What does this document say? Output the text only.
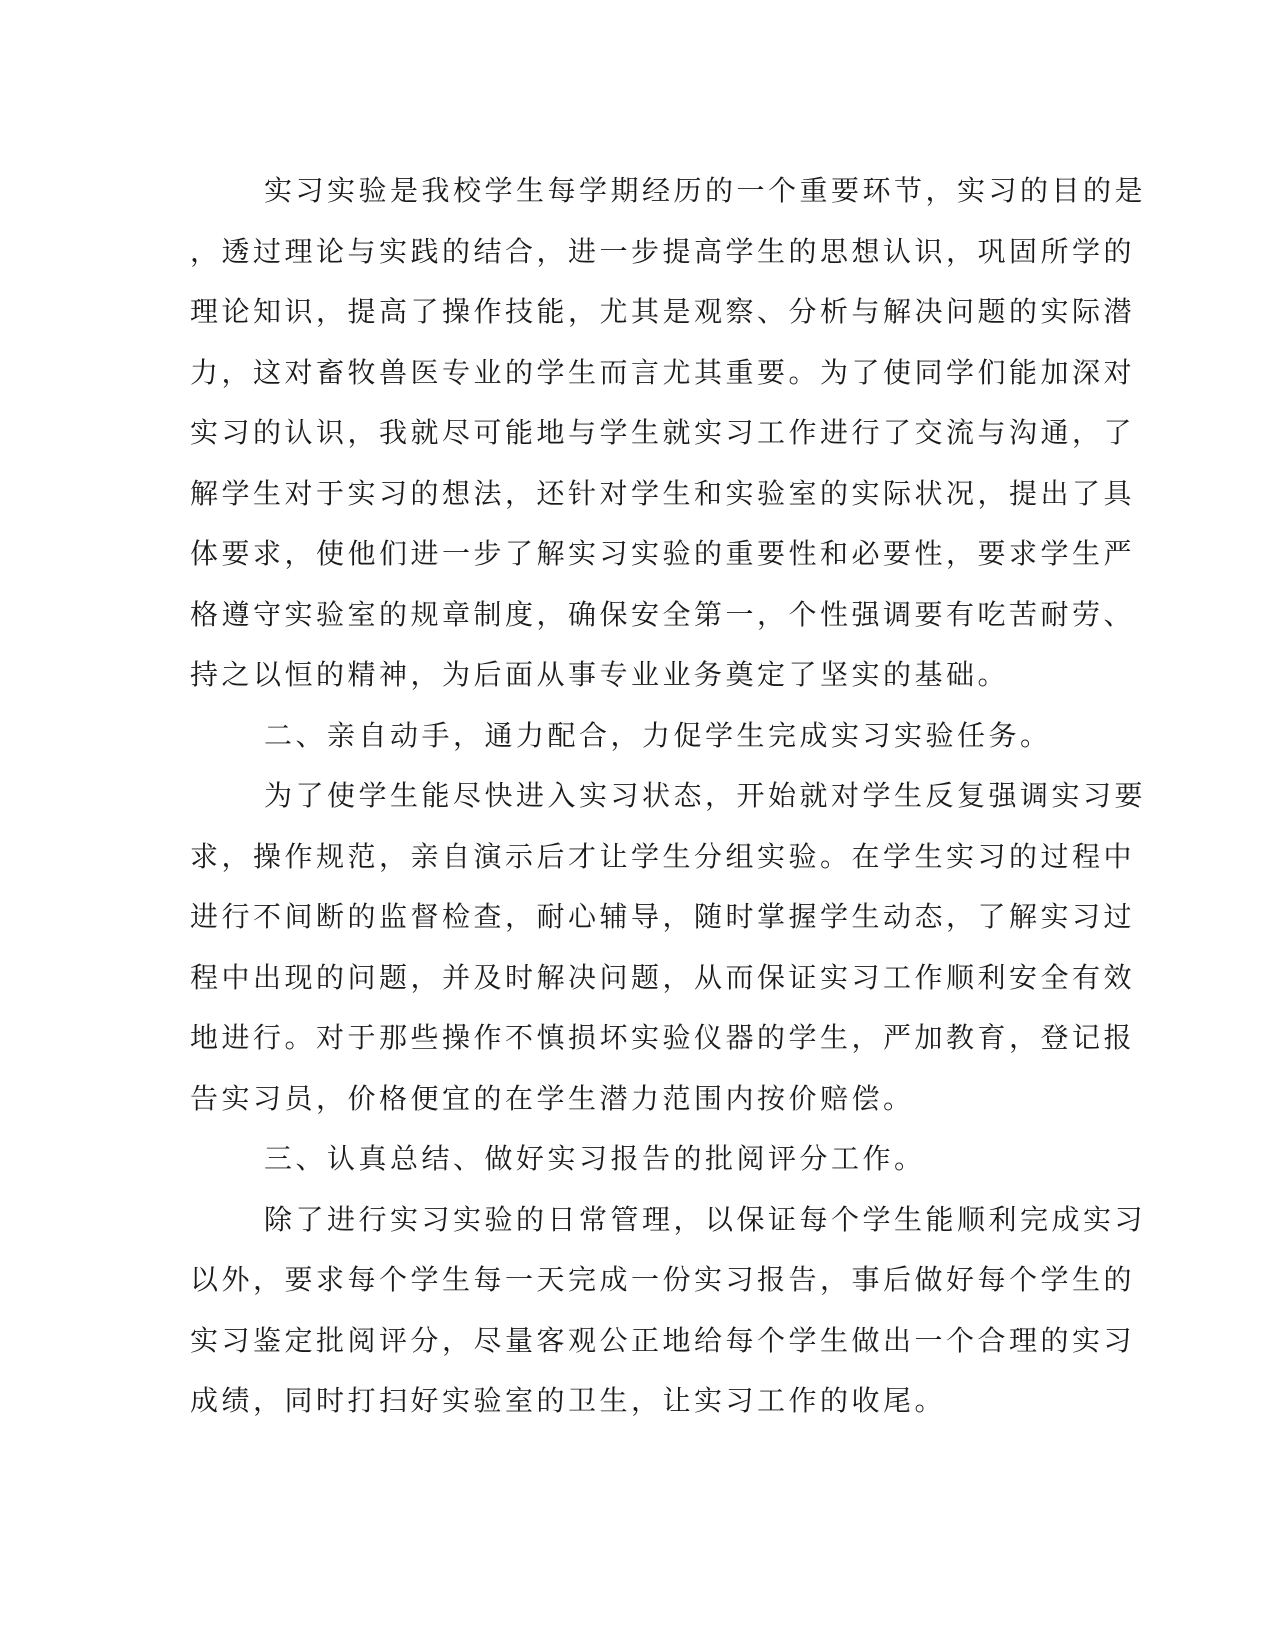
实习实验是我校学生每学期经历的一个重要环节，实习的目的是
，透过理论与实践的结合，进一步提高学生的思想认识，巩固所学的
理论知识，提高了操作技能，尤其是观察、分析与解决问题的实际潜
力，这对畜牧兽医专业的学生而言尤其重要。为了使同学们能加深对
实习的认识，我就尽可能地与学生就实习工作进行了交流与沟通，了
解学生对于实习的想法，还针对学生和实验室的实际状况，提出了具
体要求，使他们进一步了解实习实验的重要性和必要性，要求学生严
格遵守实验室的规章制度，确保安全第一，个性强调要有吃苦耐劳、
持之以恒的精神，为后面从事专业业务奠定了坚实的基础。
二、亲自动手，通力配合，力促学生完成实习实验任务。
为了使学生能尽快进入实习状态，开始就对学生反复强调实习要
求，操作规范，亲自演示后才让学生分组实验。在学生实习的过程中
进行不间断的监督检查，耐心辅导，随时掌握学生动态，了解实习过
程中出现的问题，并及时解决问题，从而保证实习工作顺利安全有效
地进行。对于那些操作不慎损坏实验仪器的学生，严加教育，登记报
告实习员，价格便宜的在学生潜力范围内按价赔偿。
三、认真总结、做好实习报告的批阅评分工作。
除了进行实习实验的日常管理，以保证每个学生能顺利完成实习
以外，要求每个学生每一天完成一份实习报告，事后做好每个学生的
实习鉴定批阅评分，尽量客观公正地给每个学生做出一个合理的实习
成绩，同时打扫好实验室的卫生，让实习工作的收尾。
